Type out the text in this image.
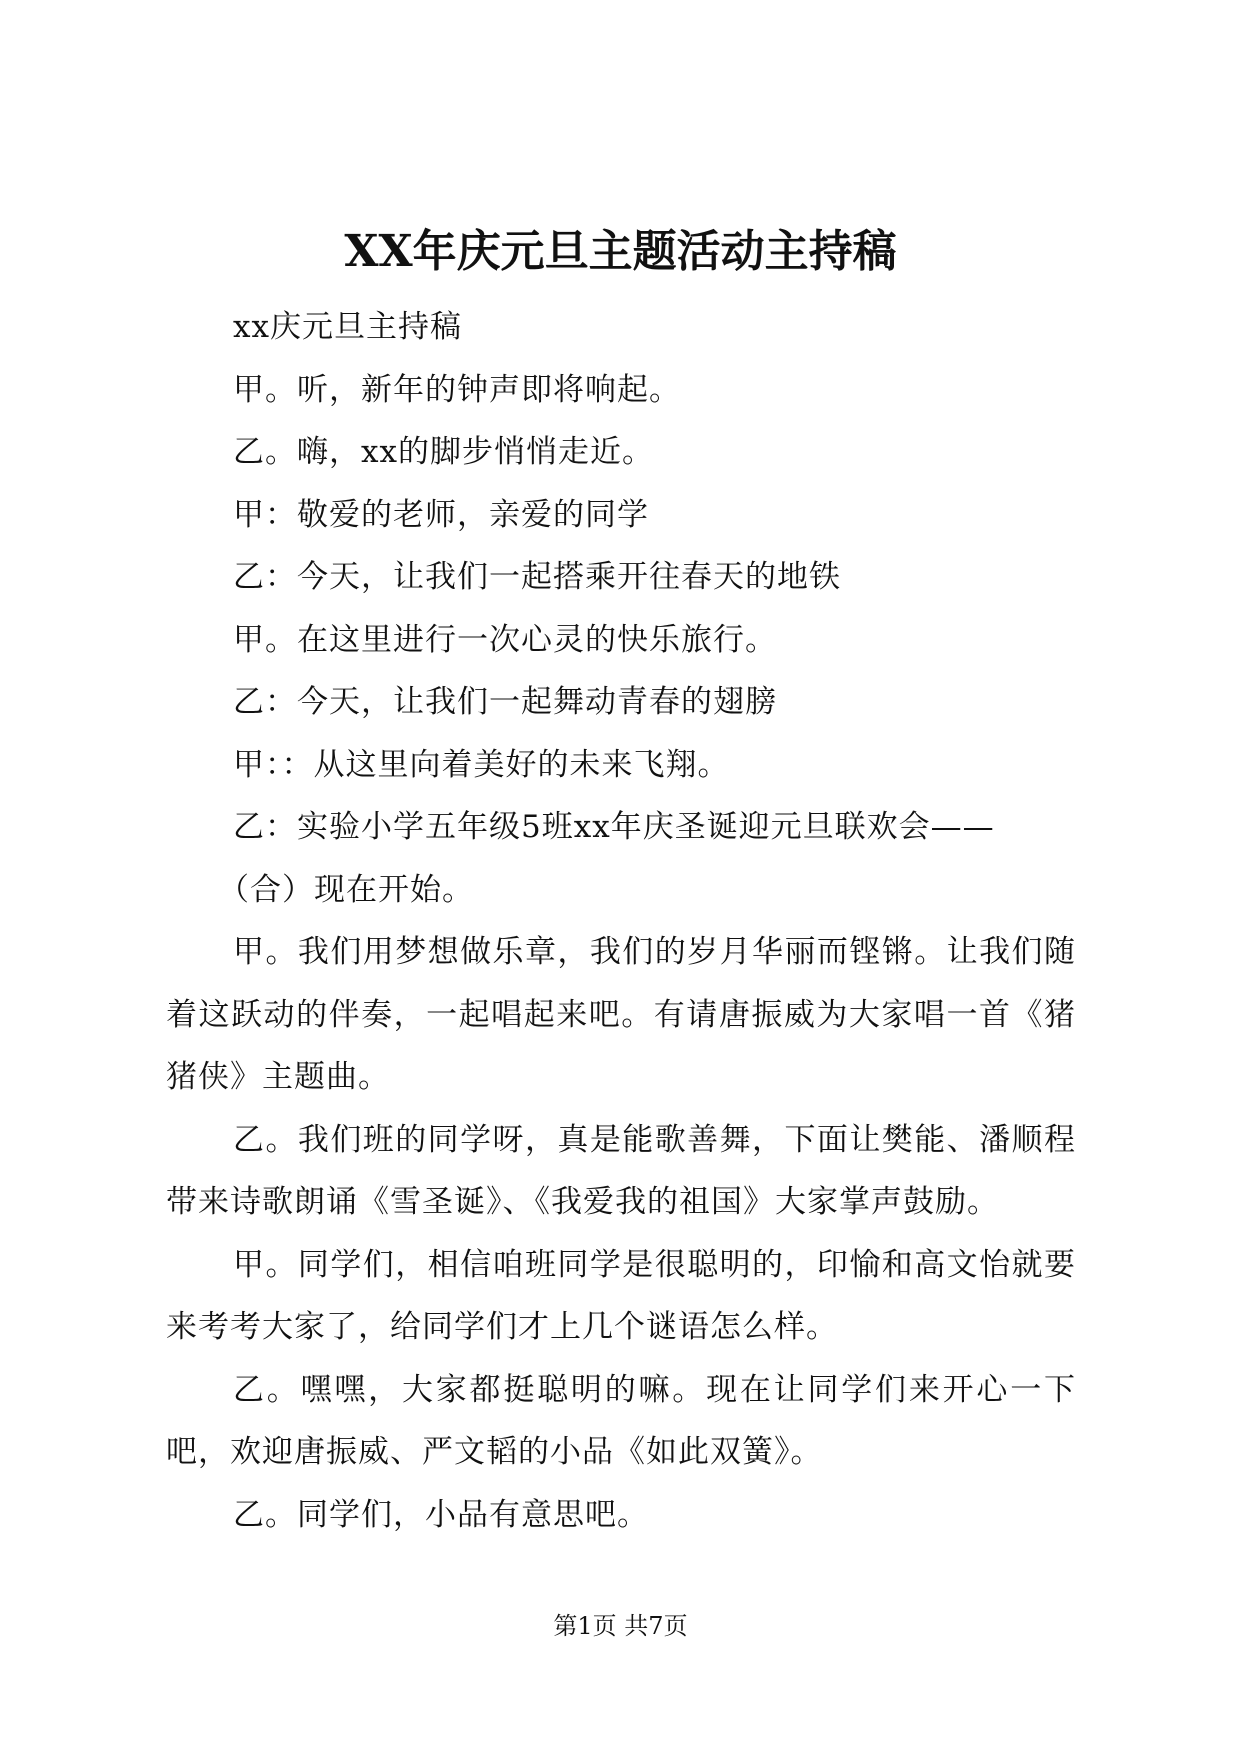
XX年庆元旦主题活动主持稿

xx庆元旦主持稿

甲。听，新年的钟声即将响起。

乙。嗨，xx的脚步悄悄走近。

甲：敬爱的老师，亲爱的同学

乙：今天，让我们一起搭乘开往春天的地铁

甲。在这里进行一次心灵的快乐旅行。

乙：今天，让我们一起舞动青春的翅膀

甲：：从这里向着美好的未来飞翔。

乙：实验小学五年级5班xx年庆圣诞迎元旦联欢会——

（合）现在开始。

甲。我们用梦想做乐章，我们的岁月华丽而铿锵。让我们随着这跃动的伴奏，一起唱起来吧。有请唐振威为大家唱一首《猪猪侠》主题曲。

乙。我们班的同学呀，真是能歌善舞，下面让樊能、潘顺程带来诗歌朗诵《雪圣诞》、《我爱我的祖国》大家掌声鼓励。

甲。同学们，相信咱班同学是很聪明的，印愉和高文怡就要来考考大家了，给同学们才上几个谜语怎么样。

乙。嘿嘿，大家都挺聪明的嘛。现在让同学们来开心一下吧，欢迎唐振威、严文韬的小品《如此双簧》。

乙。同学们，小品有意思吧。

第1页 共7页
